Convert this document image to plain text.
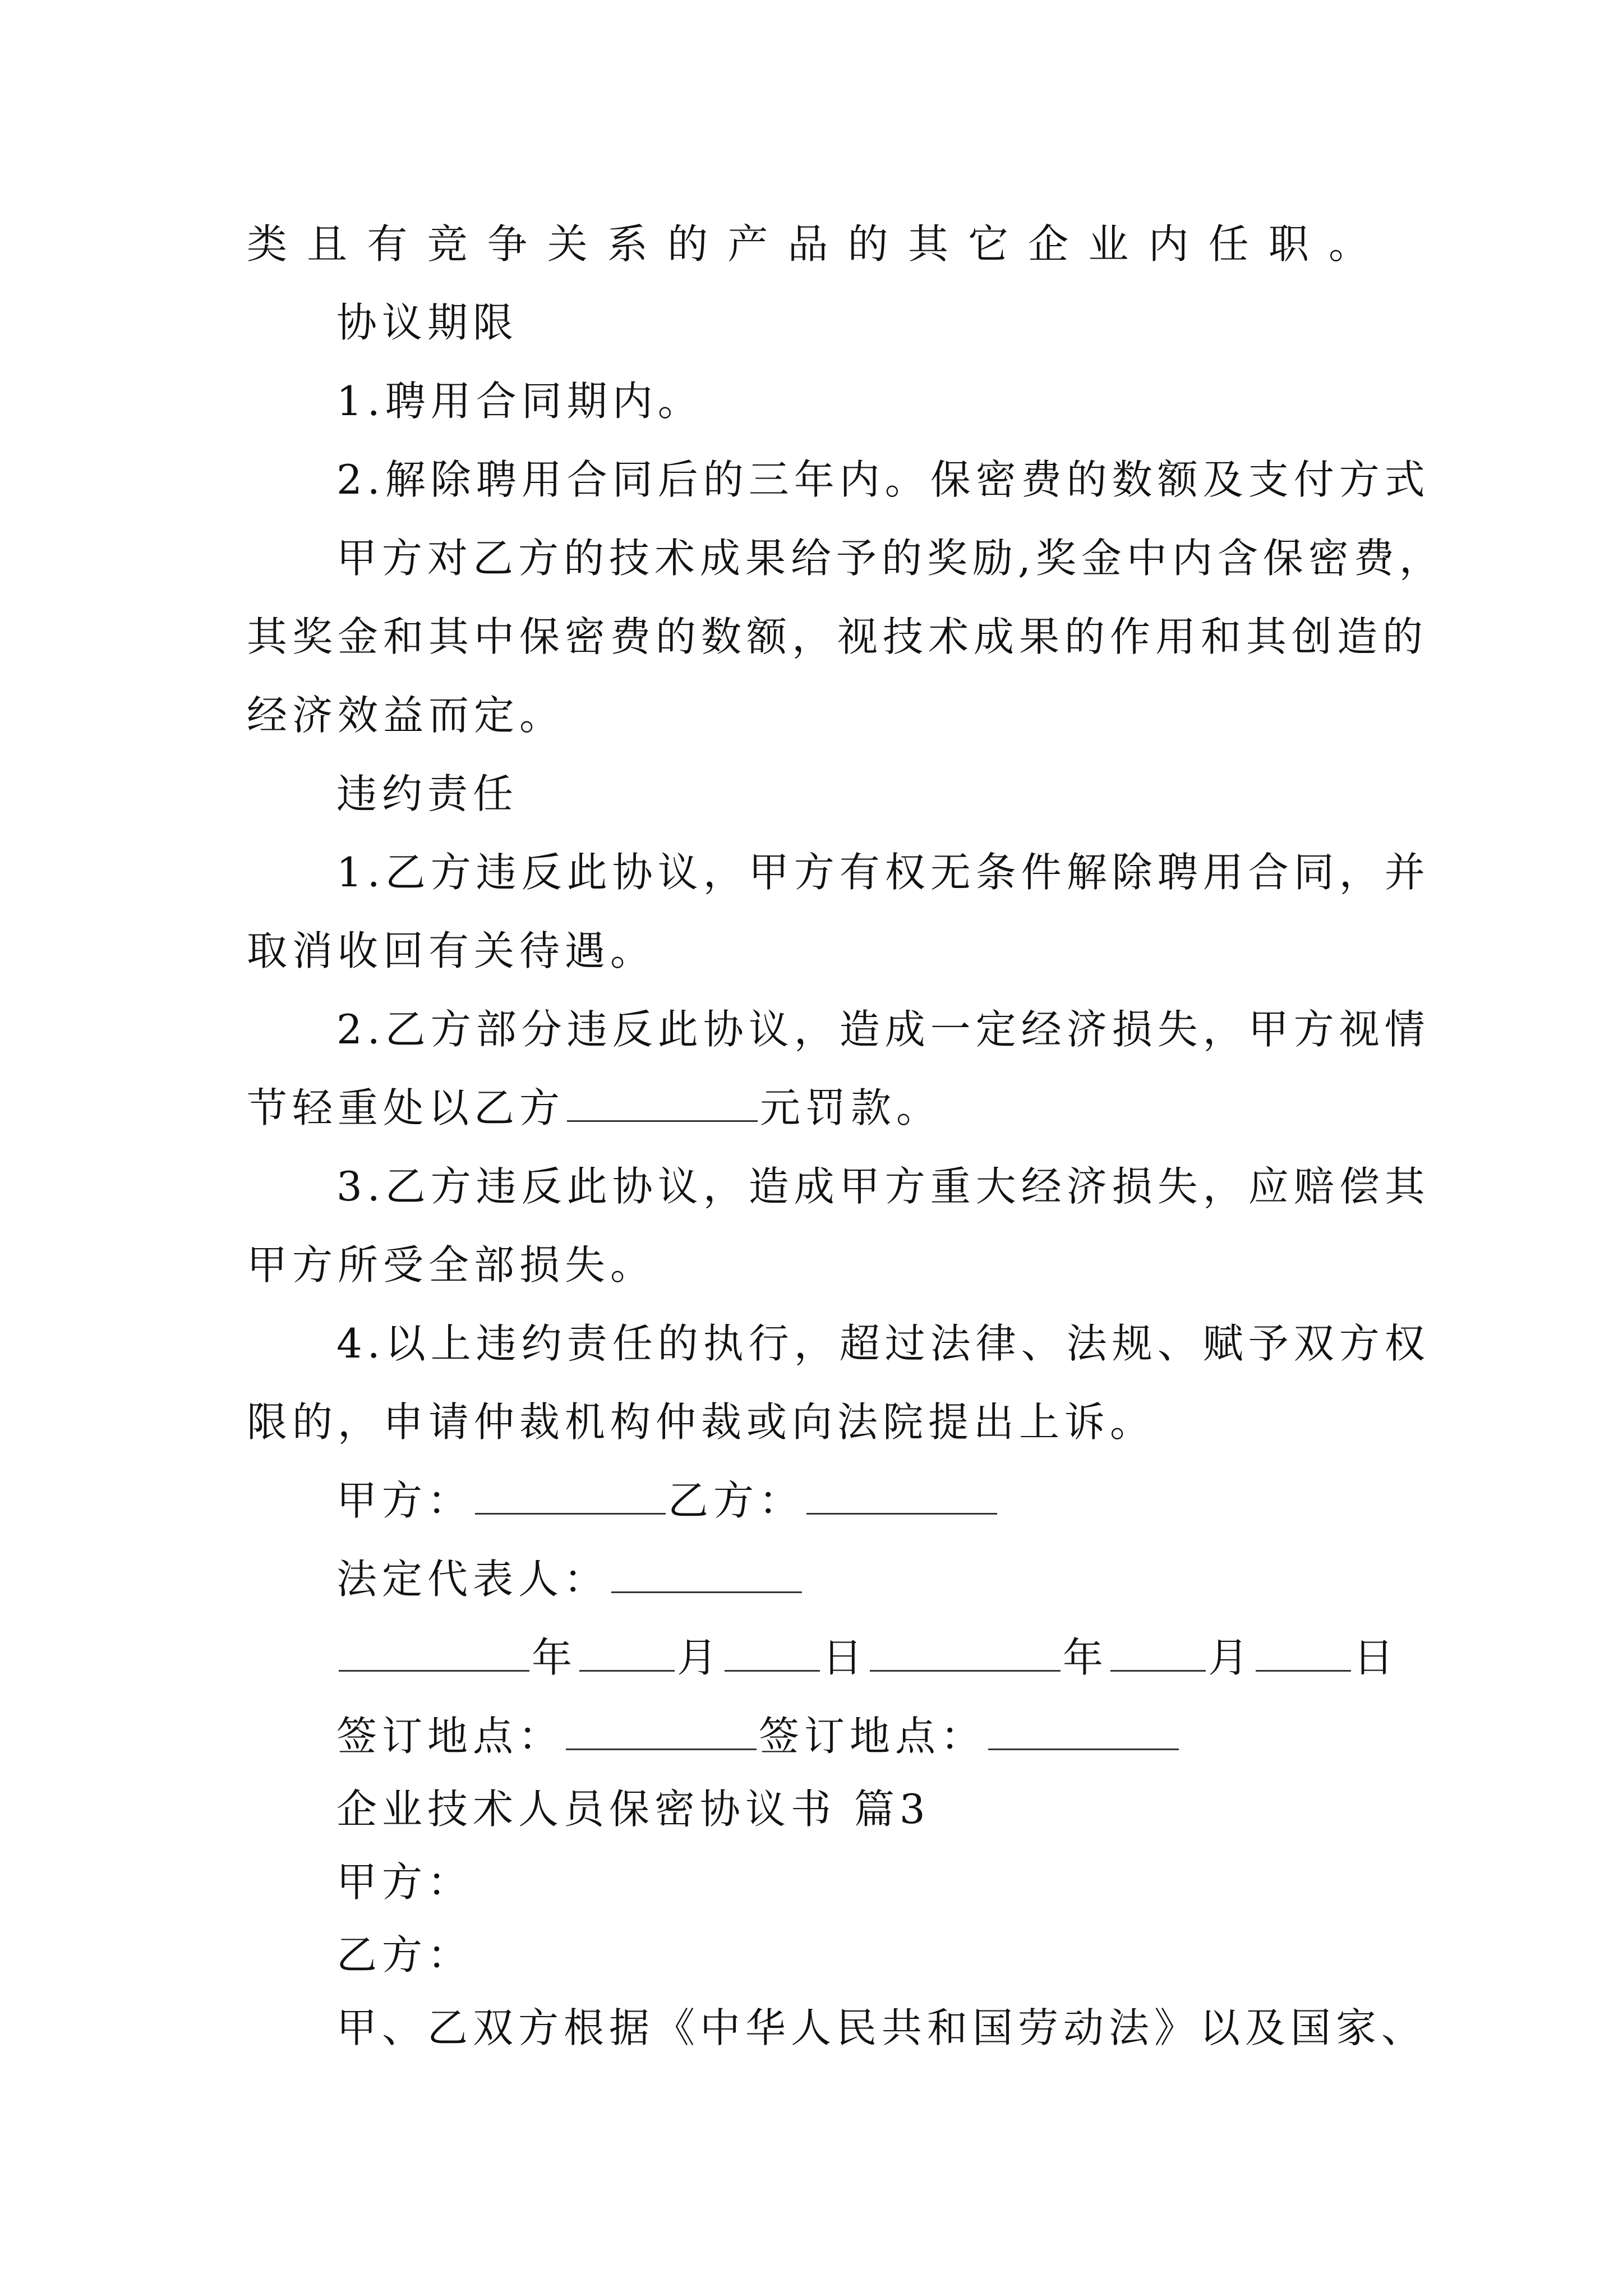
类且有竞争关系的产品的其它企业内任职。
协议期限
1.聘用合同期内。
2.解除聘用合同后的三年内。保密费的数额及支付方式
甲方对乙方的技术成果给予的奖励,奖金中内含保密费，
其奖金和其中保密费的数额，视技术成果的作用和其创造的
经济效益而定。
违约责任
1.乙方违反此协议，甲方有权无条件解除聘用合同，并
取消收回有关待遇。
2.乙方部分违反此协议，造成一定经济损失，甲方视情
节轻重处以乙方	元罚款。
3.乙方违反此协议，造成甲方重大经济损失，应赔偿其
甲方所受全部损失。
4.以上违约责任的执行，超过法律、法规、赋予双方权
限的，申请仲裁机构仲裁或向法院提出上诉。
甲方：	乙方：
法定代表人：
年 月 日	年 月 日
签订地点：	签订地点：
企业技术人员保密协议书 篇3
甲方：
乙方：
甲、乙双方根据《中华人民共和国劳动法》以及国家、
